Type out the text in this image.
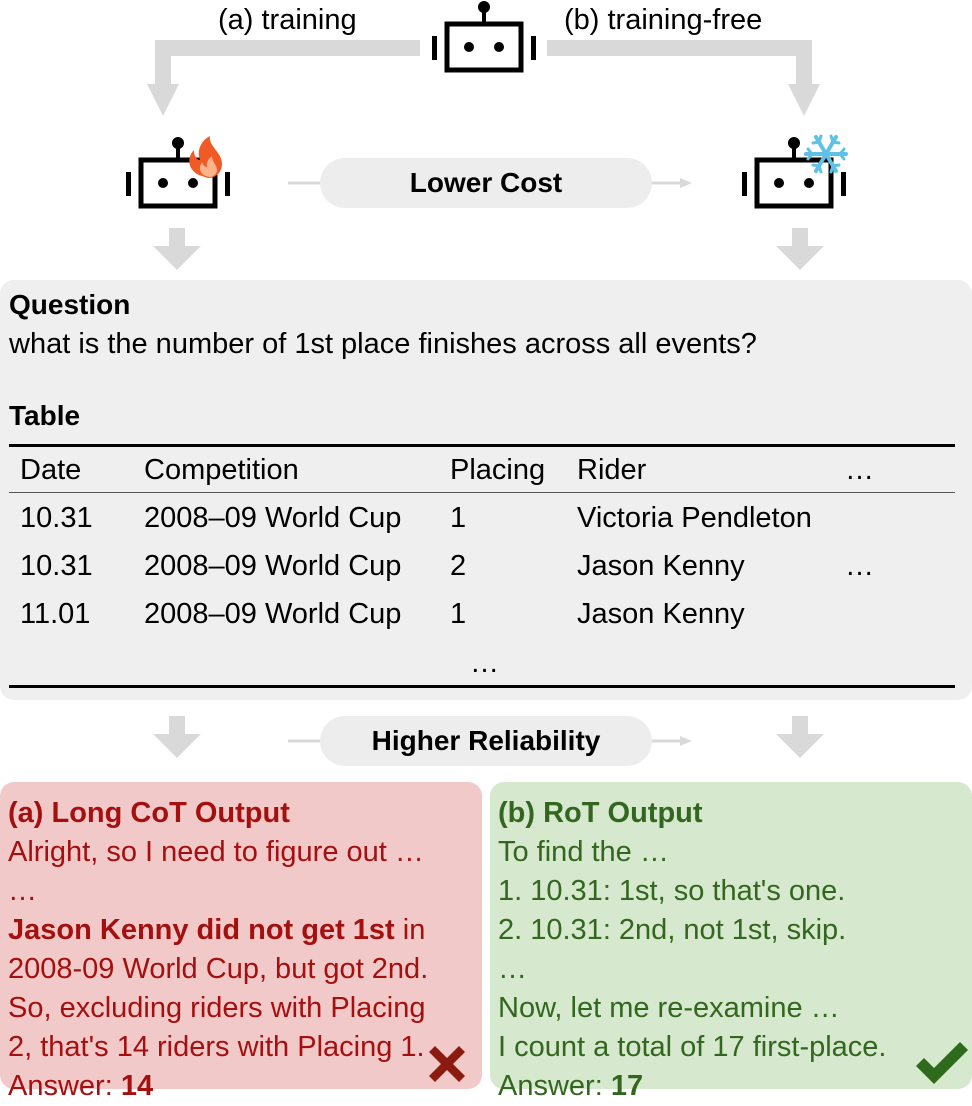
(a) training	(b) training-free
Lower Cost
Question
what is the number of 1st place finishes across all events?
Table
Date	Competition	Placing	Rider	…
10.31	2008–09 World Cup	1	Victoria Pendleton	
10.31	2008–09 World Cup	2	Jason Kenny	…
11.01	2008–09 World Cup	1	Jason Kenny	
…
Higher Reliability
(a) Long CoT Output
Alright, so I need to figure out …
…
Jason Kenny did not get 1st in
2008-09 World Cup, but got 2nd.
So, excluding riders with Placing
2, that's 14 riders with Placing 1.
Answer: 14
(b) RoT Output
To find the …
1. 10.31: 1st, so that's one.
2. 10.31: 2nd, not 1st, skip.
…
Now, let me re-examine …
I count a total of 17 first-place.
Answer: 17
